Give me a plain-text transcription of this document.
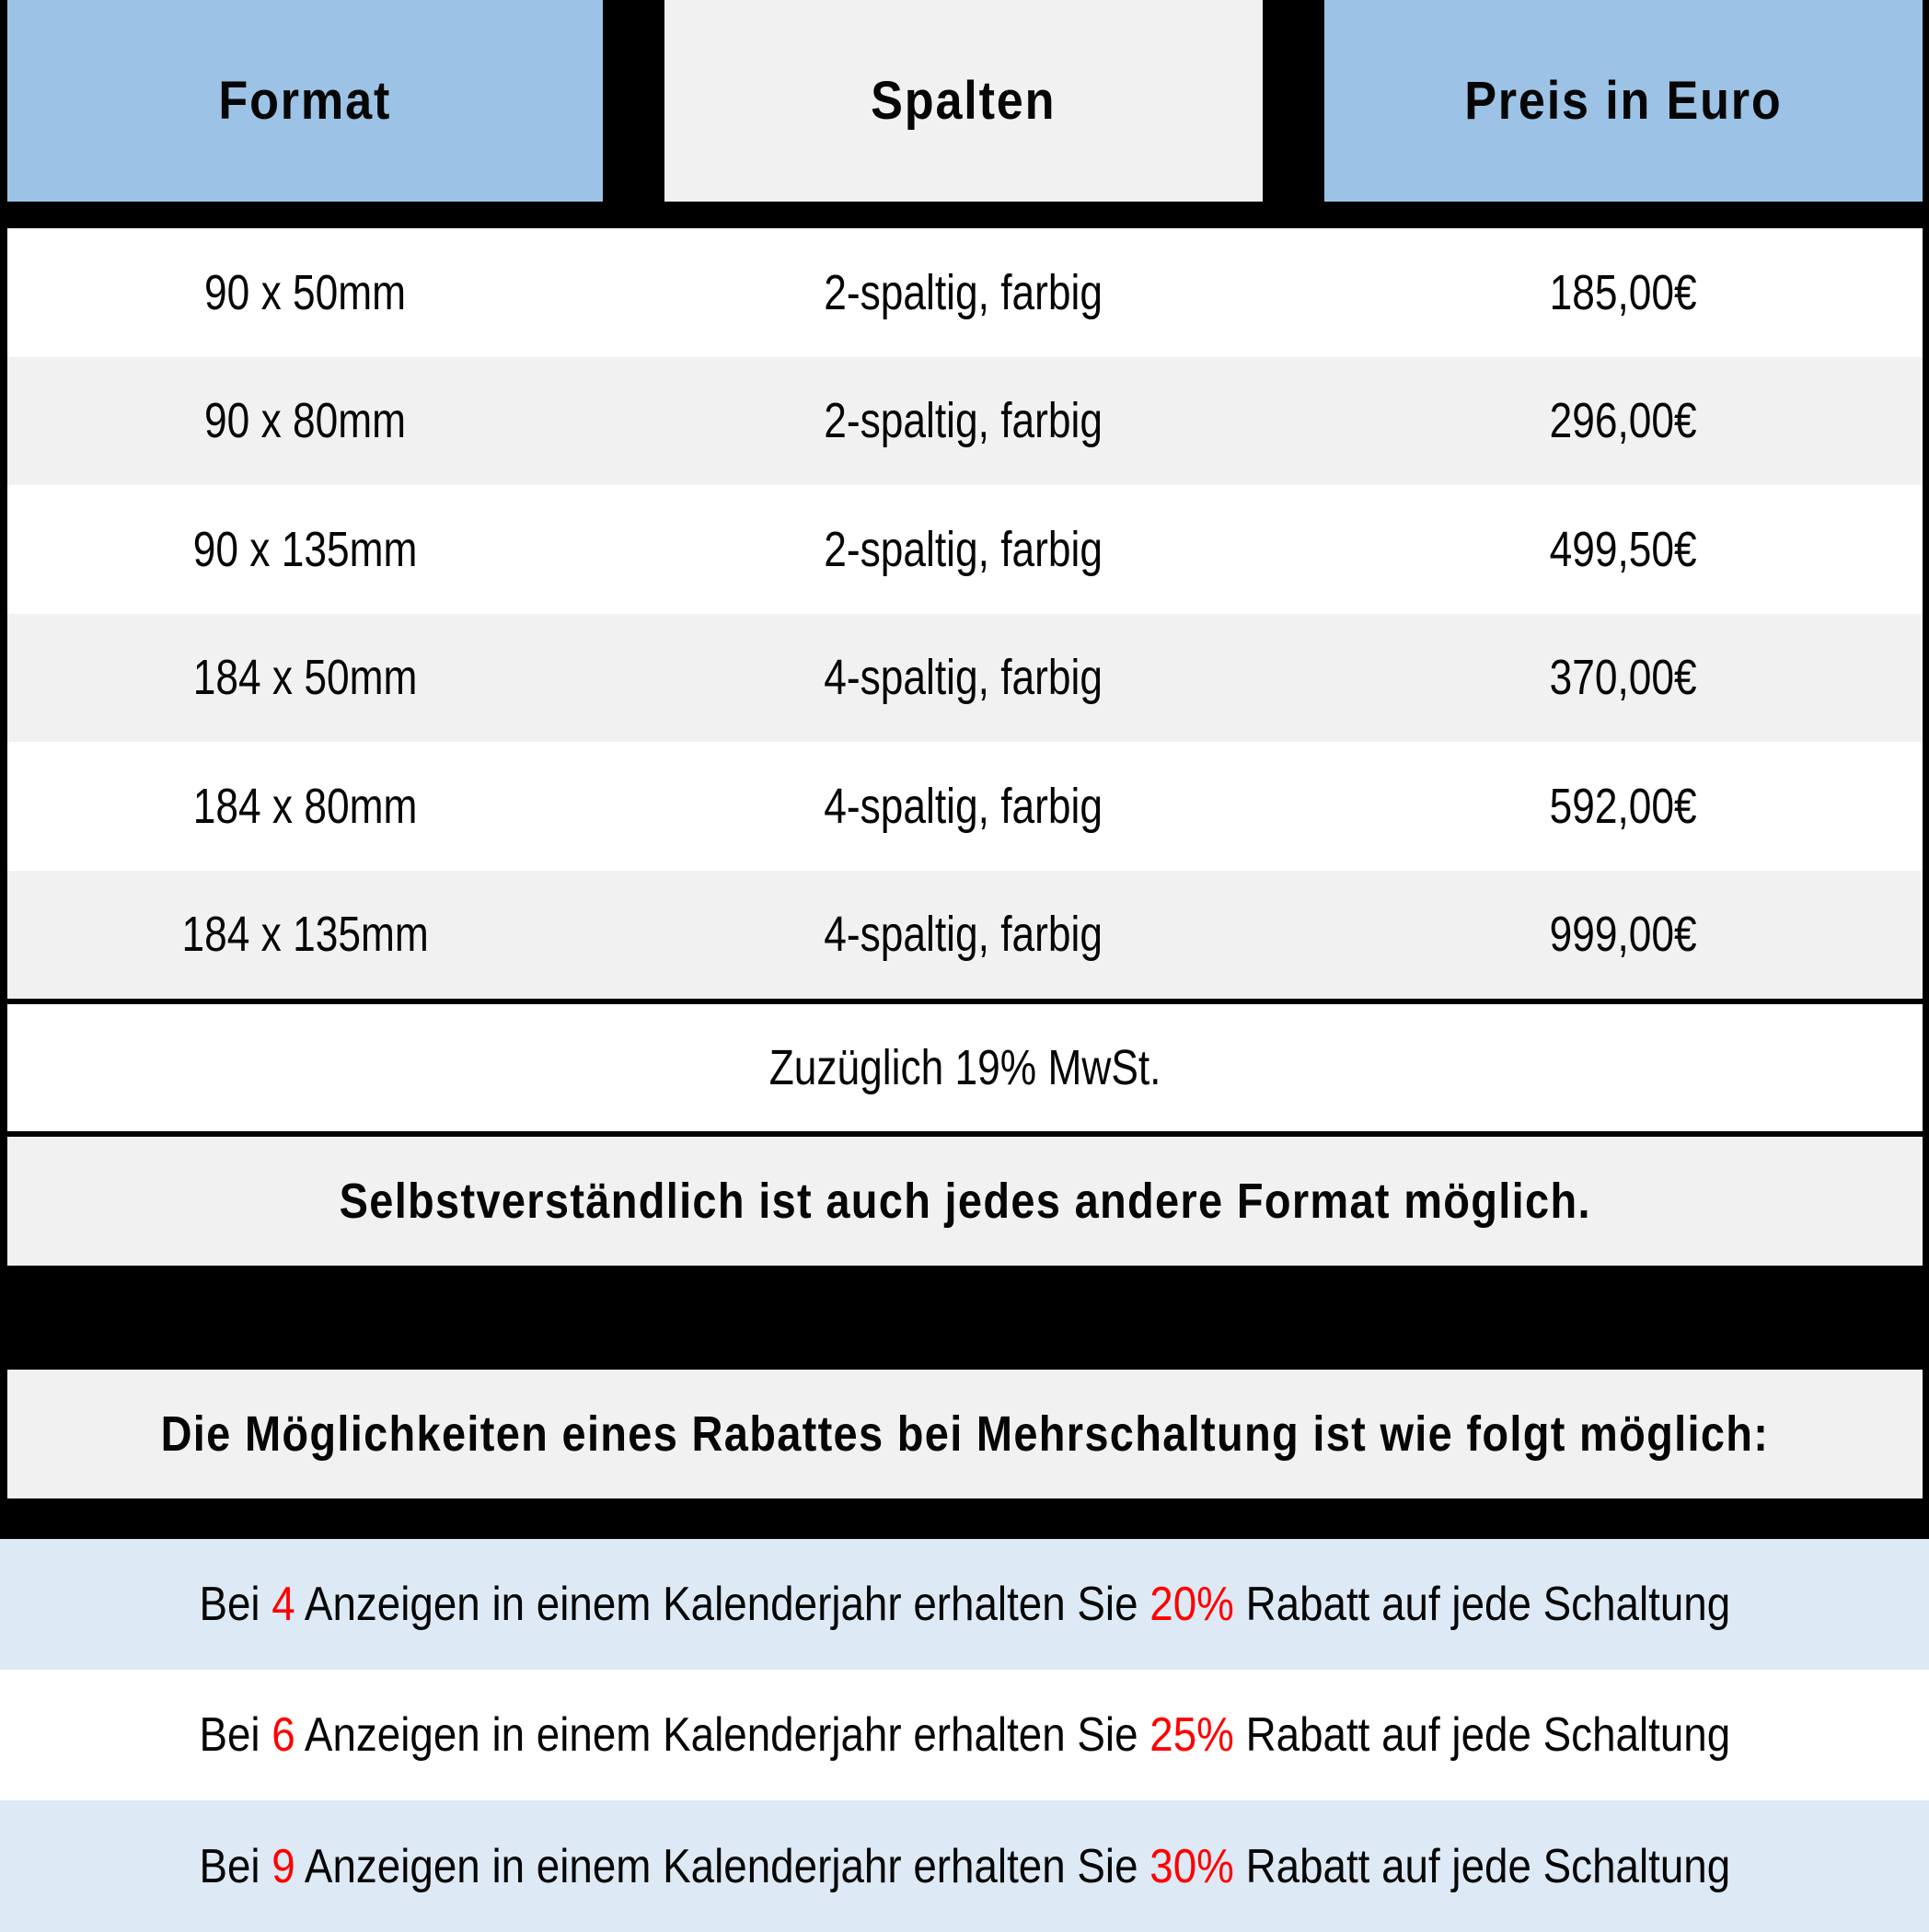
Format	Spalten	Preis in Euro
90 x 50mm	2-spaltig, farbig	185,00€
90 x 80mm	2-spaltig, farbig	296,00€
90 x 135mm	2-spaltig, farbig	499,50€
184 x 50mm	4-spaltig, farbig	370,00€
184 x 80mm	4-spaltig, farbig	592,00€
184 x 135mm	4-spaltig, farbig	999,00€
Zuzüglich 19% MwSt.
Selbstverständlich ist auch jedes andere Format möglich.
Die Möglichkeiten eines Rabattes bei Mehrschaltung ist wie folgt möglich:
Bei 4 Anzeigen in einem Kalenderjahr erhalten Sie 20% Rabatt auf jede Schaltung
Bei 6 Anzeigen in einem Kalenderjahr erhalten Sie 25% Rabatt auf jede Schaltung
Bei 9 Anzeigen in einem Kalenderjahr erhalten Sie 30% Rabatt auf jede Schaltung
